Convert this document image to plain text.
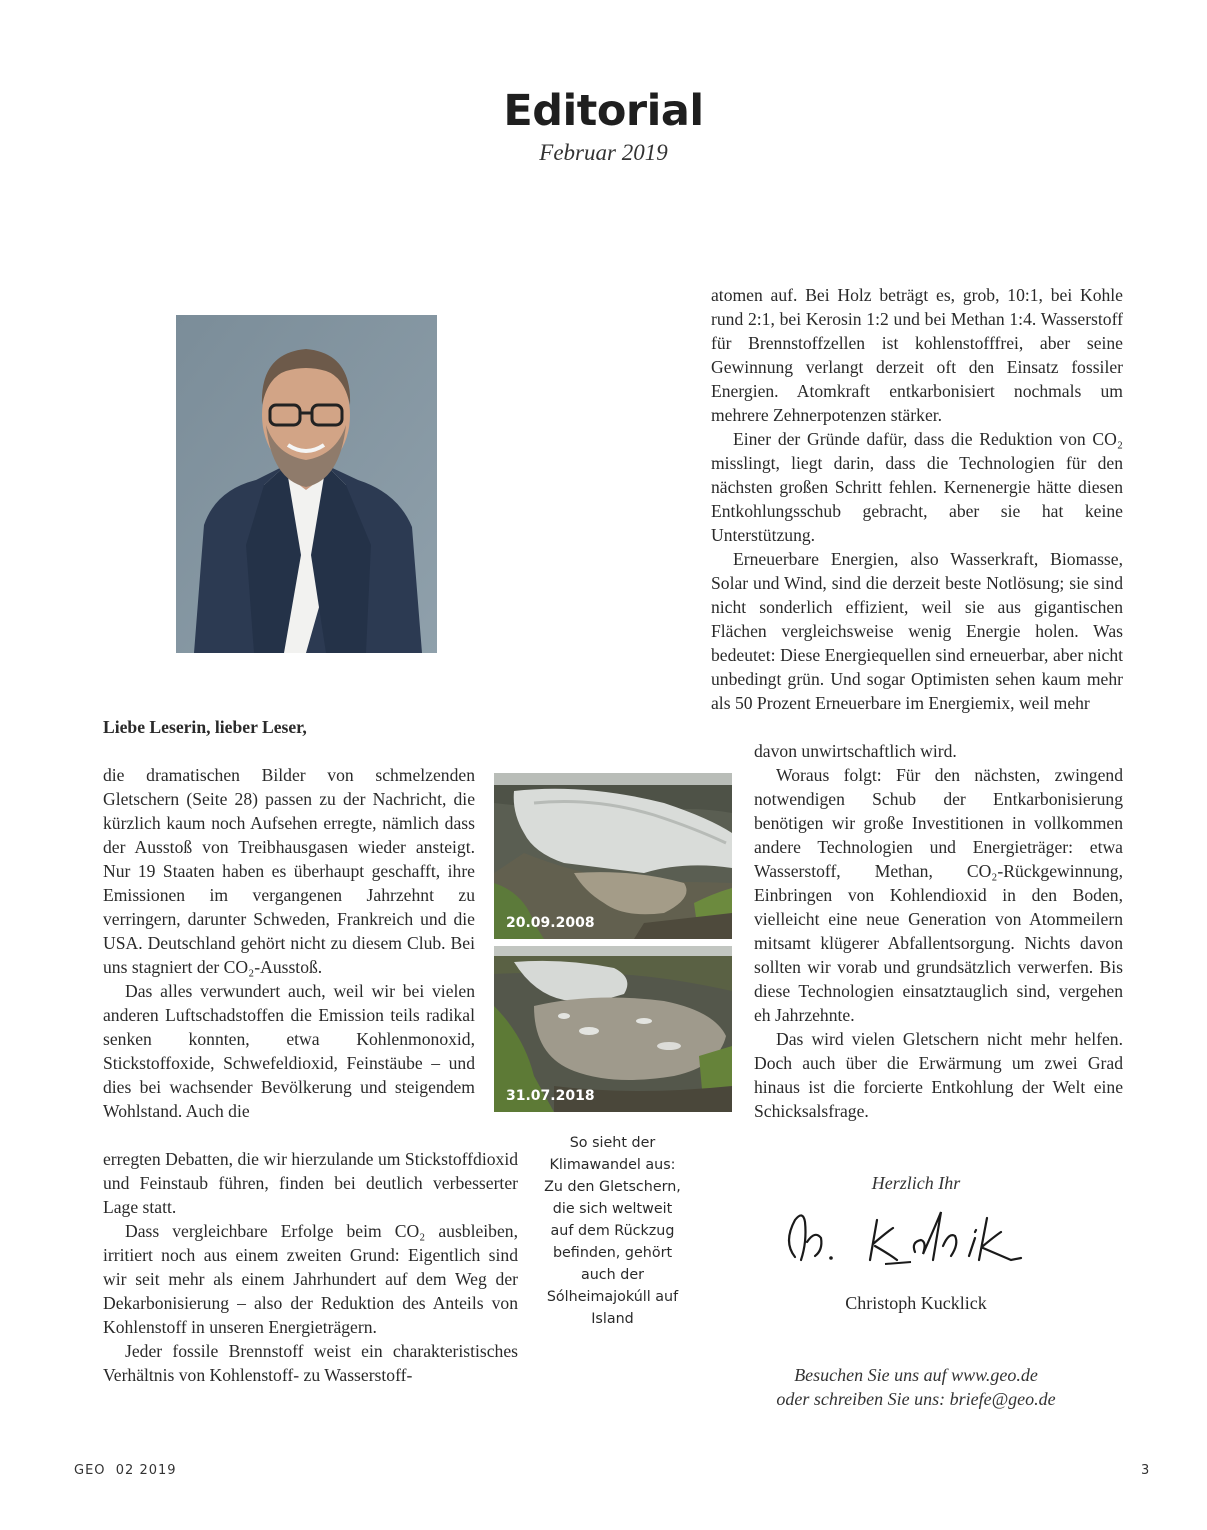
Editorial
Februar 2019
Liebe Leserin, lieber Leser,

die dramatischen Bilder von schmelzenden Gletschern (Seite 28) passen zu der Nachricht, die kürzlich kaum noch Aufsehen erregte, nämlich dass der Ausstoß von Treibhausgasen wieder ansteigt. Nur 19 Staaten haben es überhaupt geschafft, ihre Emissionen im vergangenen Jahrzehnt zu verringern, darunter Schweden, Frankreich und die USA. Deutschland gehört nicht zu diesem Club. Bei uns stagniert der CO₂-Ausstoß.

Das alles verwundert auch, weil wir bei vielen anderen Luftschadstoffen die Emission teils radikal senken konnten, etwa Kohlenmonoxid, Stickstoffoxide, Schwefeldioxid, Feinstäube – und dies bei wachsender Bevölkerung und steigendem Wohlstand. Auch die

erregten Debatten, die wir hierzulande um Stickstoffdioxid und Feinstaub führen, finden bei deutlich verbesserter Lage statt.

Dass vergleichbare Erfolge beim CO₂ ausbleiben, irritiert noch aus einem zweiten Grund: Eigentlich sind wir seit mehr als einem Jahrhundert auf dem Weg der Dekarbonisierung – also der Reduktion des Anteils von Kohlenstoff in unseren Energieträgern.

Jeder fossile Brennstoff weist ein charakteristisches Verhältnis von Kohlenstoff- zu Wasserstoff-

20.09.2008
31.07.2018
So sieht der Klimawandel aus: Zu den Gletschern, die sich weltweit auf dem Rückzug befinden, gehört auch der Sólheimajokúll auf Island

atomen auf. Bei Holz beträgt es, grob, 10:1, bei Kohle rund 2:1, bei Kerosin 1:2 und bei Methan 1:4. Wasserstoff für Brennstoffzellen ist kohlenstofffrei, aber seine Gewinnung verlangt derzeit oft den Einsatz fossiler Energien. Atomkraft entkarbonisiert nochmals um mehrere Zehnerpotenzen stärker.

Einer der Gründe dafür, dass die Reduktion von CO₂ misslingt, liegt darin, dass die Technologien für den nächsten großen Schritt fehlen. Kernenergie hätte diesen Entkohlungsschub gebracht, aber sie hat keine Unterstützung.

Erneuerbare Energien, also Wasserkraft, Biomasse, Solar und Wind, sind die derzeit beste Notlösung; sie sind nicht sonderlich effizient, weil sie aus gigantischen Flächen vergleichsweise wenig Energie holen. Was bedeutet: Diese Energiequellen sind erneuerbar, aber nicht unbedingt grün. Und sogar Optimisten sehen kaum mehr als 50 Prozent Erneuerbare im Energiemix, weil mehr

davon unwirtschaftlich wird.

Woraus folgt: Für den nächsten, zwingend notwendigen Schub der Entkarbonisierung benötigen wir große Investitionen in vollkommen andere Technologien und Energieträger: etwa Wasserstoff, Methan, CO₂-Rückgewinnung, Einbringen von Kohlendioxid in den Boden, vielleicht eine neue Generation von Atommeilern mitsamt klügerer Abfallentsorgung. Nichts davon sollten wir vorab und grundsätzlich verwerfen. Bis diese Technologien einsatztauglich sind, vergehen eh Jahrzehnte.

Das wird vielen Gletschern nicht mehr helfen. Doch auch über die Erwärmung um zwei Grad hinaus ist die forcierte Entkohlung der Welt eine Schicksalsfrage.

Herzlich Ihr
Christoph Kucklick
Besuchen Sie uns auf www.geo.de
oder schreiben Sie uns: briefe@geo.de
GEO  02 2019	3
